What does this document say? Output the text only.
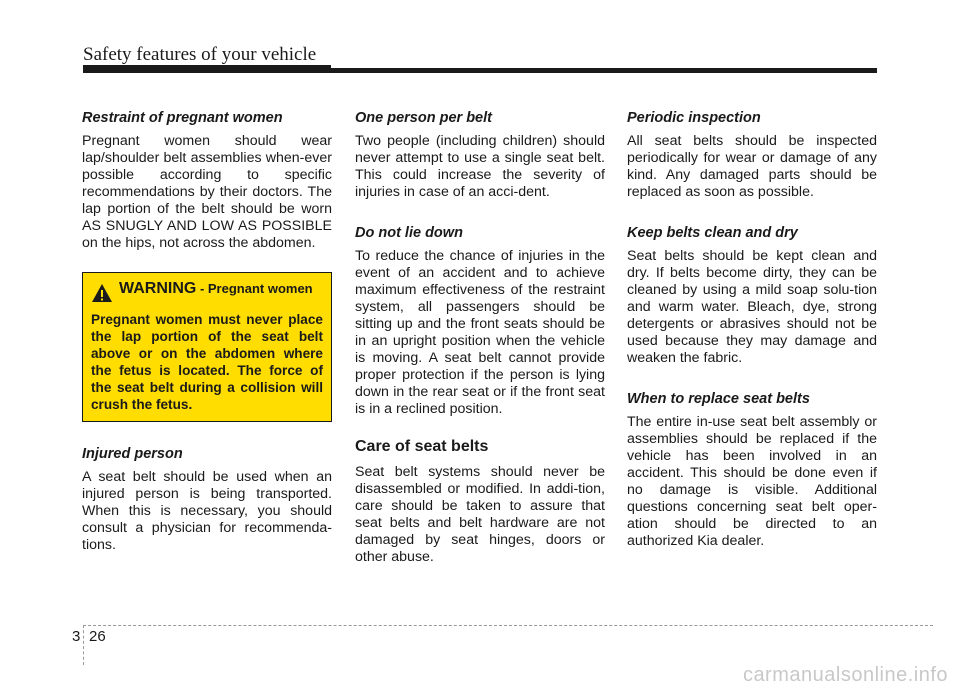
Safety features of your vehicle
Restraint of pregnant women

Pregnant women should wear lap/shoulder belt assemblies when-ever possible according to specific recommendations by their doctors. The lap portion of the belt should be worn AS SNUGLY AND LOW AS POSSIBLE on the hips, not across the abdomen.

WARNING - Pregnant women
Pregnant women must never place the lap portion of the seat belt above or on the abdomen where the fetus is located. The force of the seat belt during a collision will crush the fetus.
Injured person

A seat belt should be used when an injured person is being transported. When this is necessary, you should consult a physician for recommenda-tions.

One person per belt

Two people (including children) should never attempt to use a single seat belt. This could increase the severity of injuries in case of an acci-dent.

Do not lie down

To reduce the chance of injuries in the event of an accident and to achieve maximum effectiveness of the restraint system, all passengers should be sitting up and the front seats should be in an upright position when the vehicle is moving. A seat belt cannot provide proper protection if the person is lying down in the rear seat or if the front seat is in a reclined position.

Care of seat belts

Seat belt systems should never be disassembled or modified. In addi-tion, care should be taken to assure that seat belts and belt hardware are not damaged by seat hinges, doors or other abuse.

Periodic inspection

All seat belts should be inspected periodically for wear or damage of any kind. Any damaged parts should be replaced as soon as possible.

Keep belts clean and dry

Seat belts should be kept clean and dry. If belts become dirty, they can be cleaned by using a mild soap solu-tion and warm water. Bleach, dye, strong detergents or abrasives should not be used because they may damage and weaken the fabric.

When to replace seat belts

The entire in-use seat belt assembly or assemblies should be replaced if the vehicle has been involved in an accident. This should be done even if no damage is visible. Additional questions concerning seat belt oper-ation should be directed to an authorized Kia dealer.

3 26
carmanualsonline.info
